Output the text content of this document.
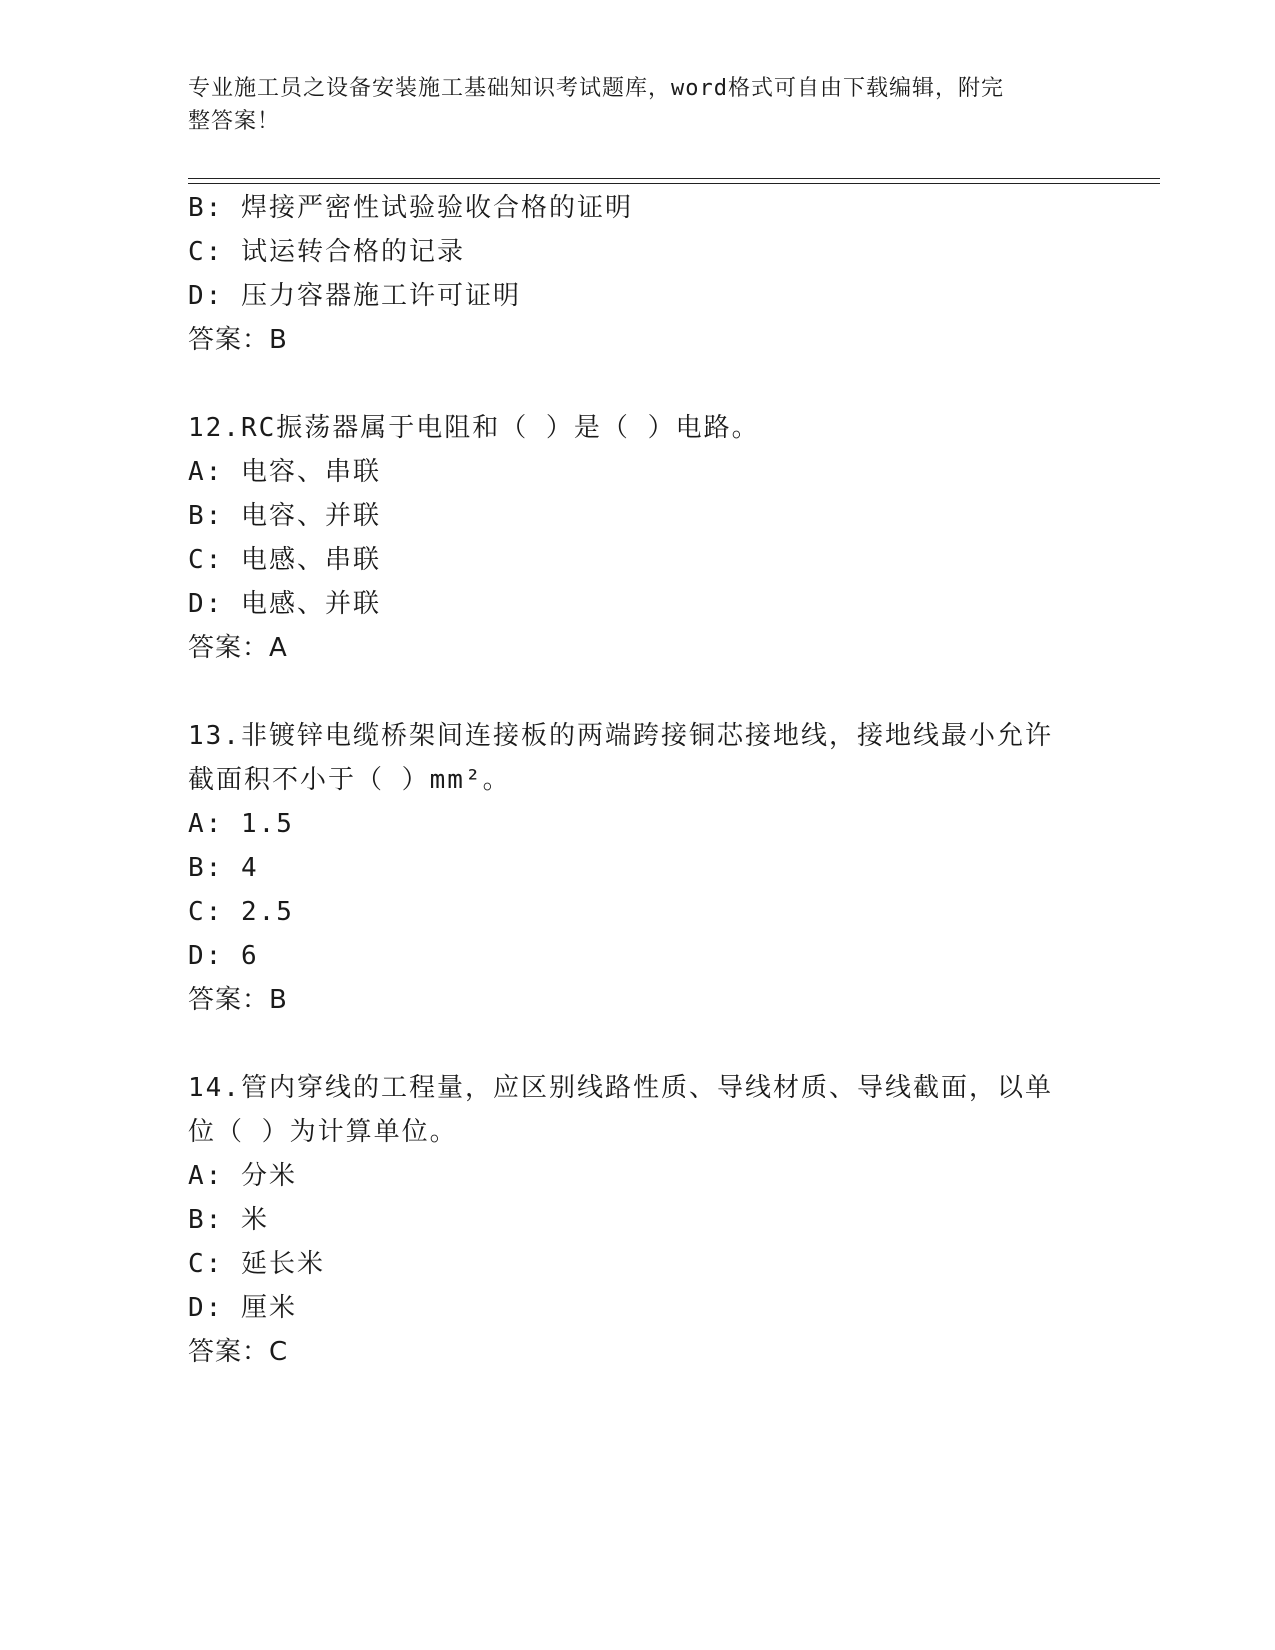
专业施工员之设备安装施工基础知识考试题库，word格式可自由下载编辑，附完
整答案！
B: 焊接严密性试验验收合格的证明
C: 试运转合格的记录
D: 压力容器施工许可证明
答案：B
12.RC振荡器属于电阻和（ ）是（ ）电路。
A: 电容、串联
B: 电容、并联
C: 电感、串联
D: 电感、并联
答案：A
13.非镀锌电缆桥架间连接板的两端跨接铜芯接地线，接地线最小允许
截面积不小于（ ）mm²。
A: 1.5
B: 4
C: 2.5
D: 6
答案：B
14.管内穿线的工程量，应区别线路性质、导线材质、导线截面，以单
位（ ）为计算单位。
A: 分米
B: 米
C: 延长米
D: 厘米
答案：C
